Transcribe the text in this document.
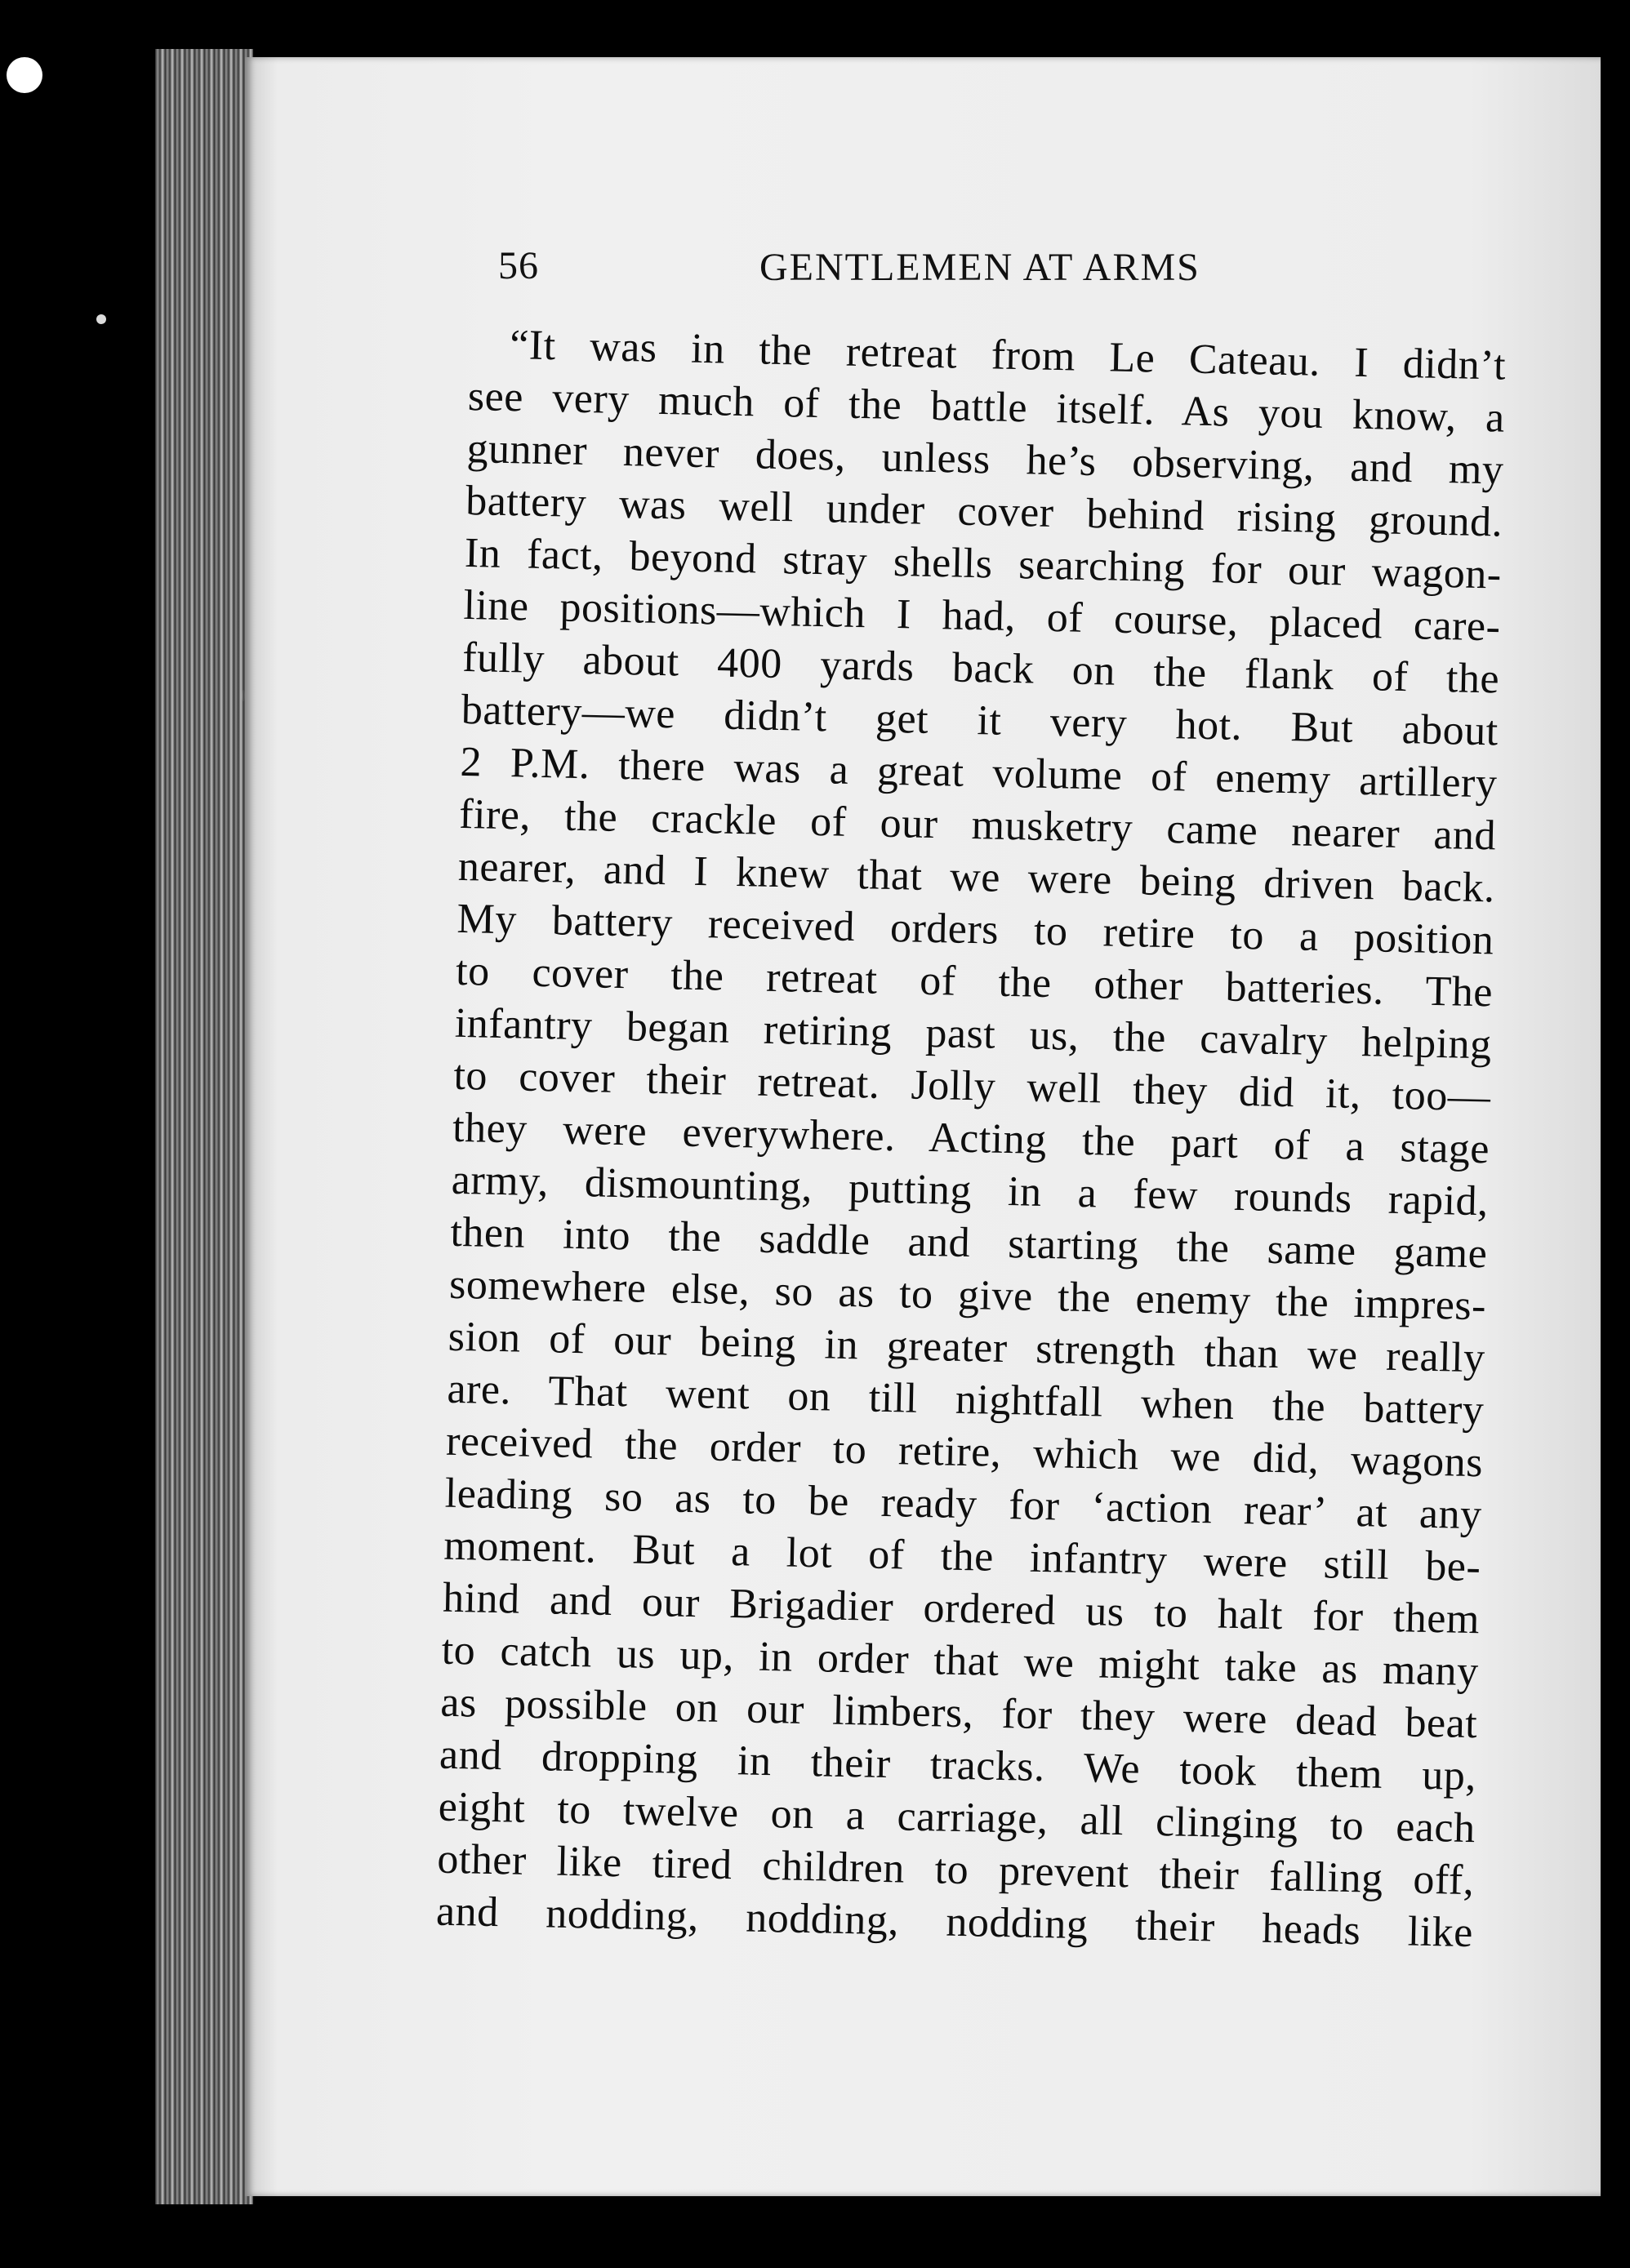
56	GENTLEMEN AT ARMS
“It was in the retreat from Le Cateau. I didn’t
see very much of the battle itself. As you know, a
gunner never does, unless he’s observing, and my
battery was well under cover behind rising ground.
In fact, beyond stray shells searching for our wagon-
line positions—which I had, of course, placed care-
fully about 400 yards back on the flank of the
battery—we didn’t get it very hot. But about
2 P.M. there was a great volume of enemy artillery
fire, the crackle of our musketry came nearer and
nearer, and I knew that we were being driven back.
My battery received orders to retire to a position
to cover the retreat of the other batteries. The
infantry began retiring past us, the cavalry helping
to cover their retreat. Jolly well they did it, too—
they were everywhere. Acting the part of a stage
army, dismounting, putting in a few rounds rapid,
then into the saddle and starting the same game
somewhere else, so as to give the enemy the impres-
sion of our being in greater strength than we really
are. That went on till nightfall when the battery
received the order to retire, which we did, wagons
leading so as to be ready for ‘action rear’ at any
moment. But a lot of the infantry were still be-
hind and our Brigadier ordered us to halt for them
to catch us up, in order that we might take as many
as possible on our limbers, for they were dead beat
and dropping in their tracks. We took them up,
eight to twelve on a carriage, all clinging to each
other like tired children to prevent their falling off,
and nodding, nodding, nodding their heads like
